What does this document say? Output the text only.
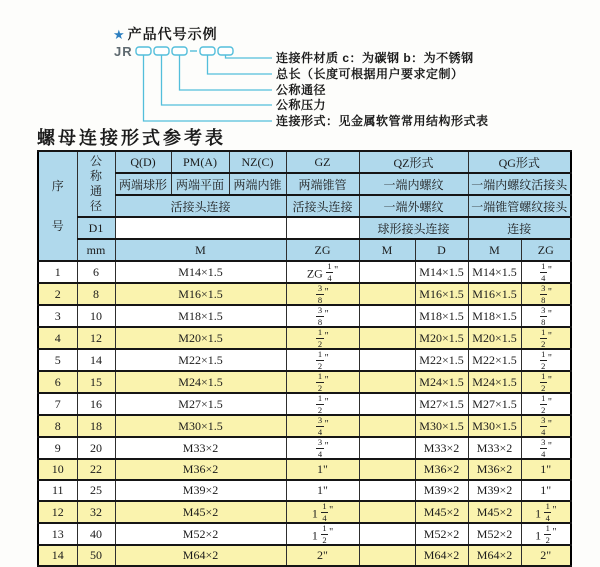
★ 产品代号示例
JR	连接件材质 c：为碳钢 b：为不锈钢
总长（长度可根据用户要求定制）
公称通径
公称压力
连接形式：见金属软管常用结构形式表
螺母连接形式参考表
序号	公称通径	Q(D)	PM(A)	NZ(C)	GZ	QZ形式		QG形式	
		两端球形	两端平面	两端内锥	两端锥管	一端内螺纹		一端内螺纹活接头	
		活接头连接			活接头连接	一端外螺纹		一端锥管螺纹接头	
	D1					球形接头连接		连接	
	mm	M			ZG	M	D	M	ZG
1	6	M14×1.5			ZG $\frac{1}{4} ^"$		M14×1.5	M14×1.5	$\frac{1}{4} ^"$
2	8	M16×1.5			$\frac{3}{8} ^"$		M16×1.5	M16×1.5	$\frac{3}{8} ^"$
3	10	M18×1.5			$\frac{3}{8} ^"$		M18×1.5	M18×1.5	$\frac{3}{8} ^"$
4	12	M20×1.5			$\frac{1}{2} ^"$		M20×1.5	M20×1.5	$\frac{1}{2} ^"$
5	14	M22×1.5			$\frac{1}{2} ^"$		M22×1.5	M22×1.5	$\frac{1}{2} ^"$
6	15	M24×1.5			$\frac{1}{2} ^"$		M24×1.5	M24×1.5	$\frac{1}{2} ^"$
7	16	M27×1.5			$\frac{1}{2} ^"$		M27×1.5	M27×1.5	$\frac{1}{2} ^"$
8	18	M30×1.5			$\frac{3}{4} ^"$		M30×1.5	M30×1.5	$\frac{3}{4} ^"$
9	20	M33×2			$\frac{3}{4} ^"$		M33×2	M33×2	$\frac{3}{4} ^"$
10	22	M36×2			1"		M36×2	M36×2	1"
11	25	M39×2			1"		M39×2	M39×2	1"
12	32	M45×2			$1 \frac{1}{4} ^"$		M45×2	M45×2	$1 \frac{1}{4} ^"$
13	40	M52×2			$1 \frac{1}{2} ^"$		M52×2	M52×2	$1 \frac{1}{2} ^"$
14	50	M64×2			2"		M64×2	M64×2	2"
